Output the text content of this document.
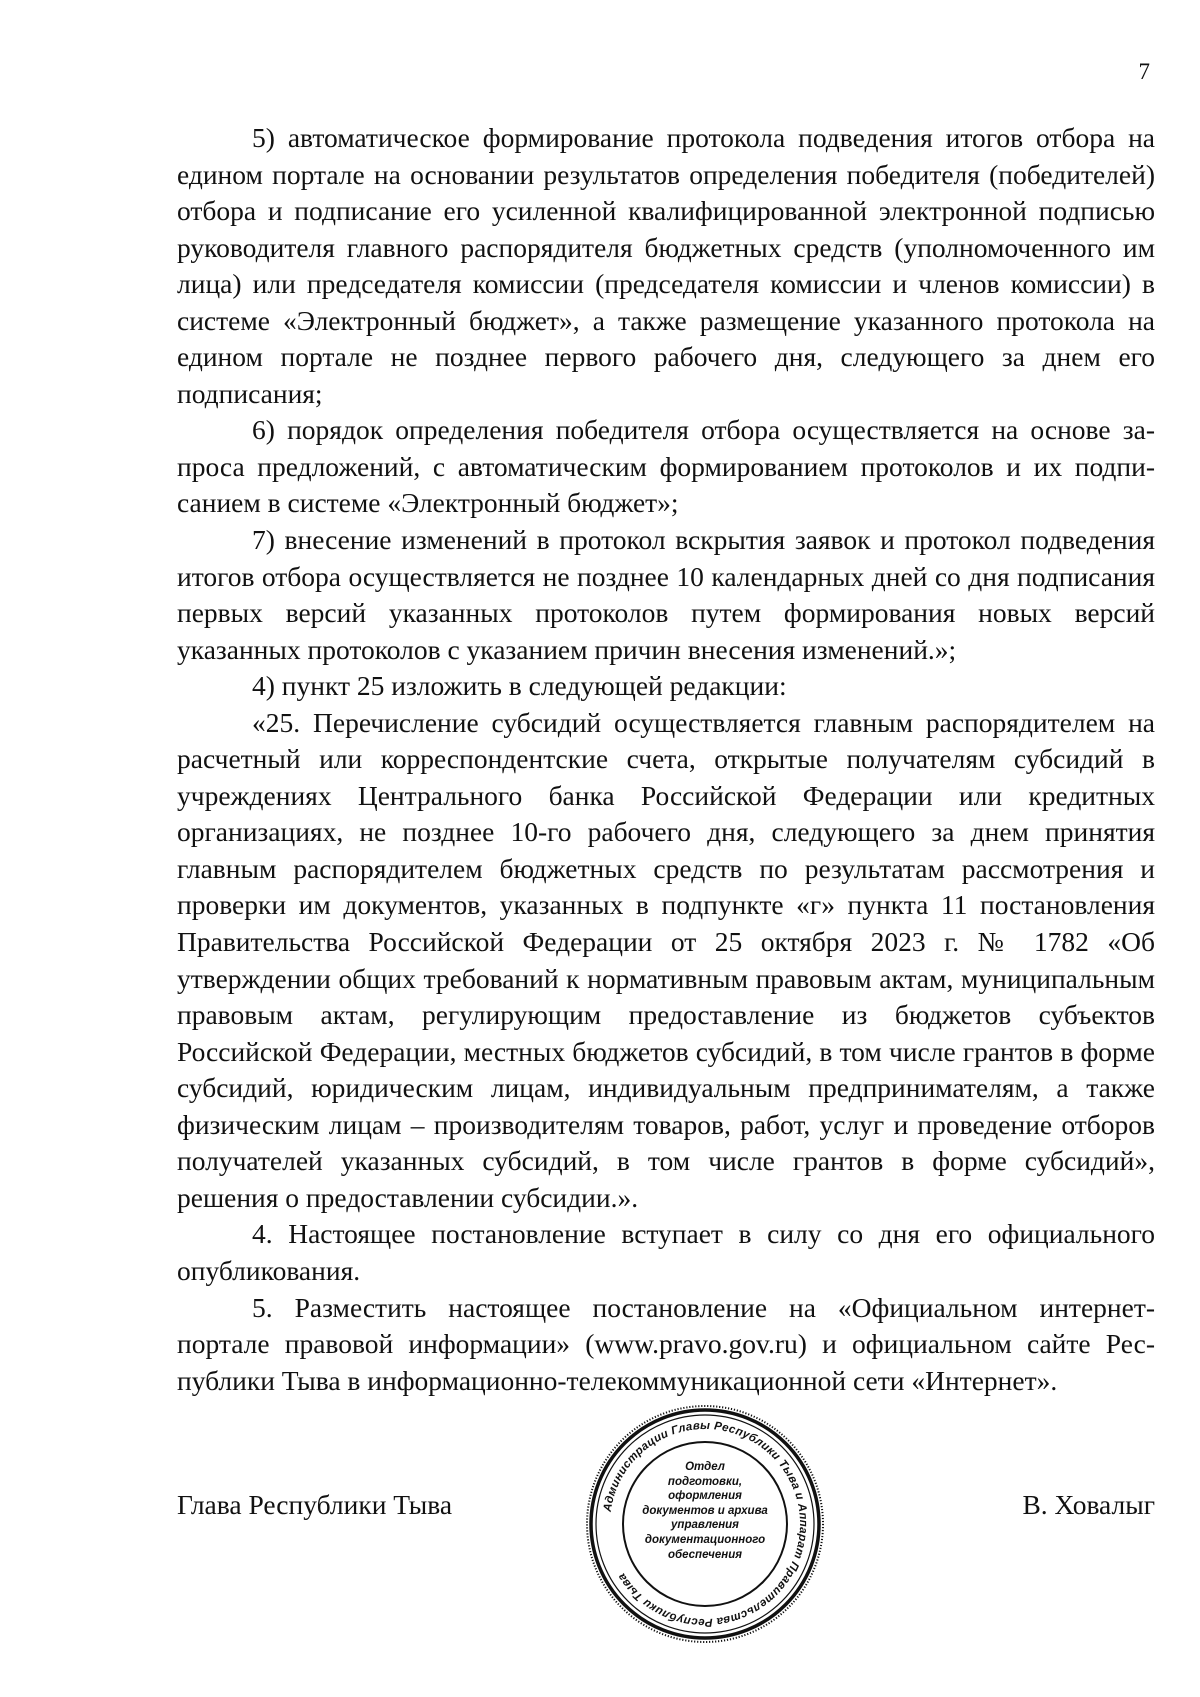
7

5) автоматическое формирование протокола подведения итогов отбора на едином портале на основании результатов определения победителя (победителей) отбора и подписание его усиленной квалифицированной электронной подписью руководителя главного распорядителя бюджетных средств (уполномоченного им лица) или председателя комиссии (председателя комиссии и членов комиссии) в системе «Электронный бюджет», а также размещение указанного протокола на едином портале не позднее первого рабочего дня, следующего за днем его подписания;

6) порядок определения победителя отбора осуществляется на основе запроса предложений, с автоматическим формированием протоколов и их подписанием в системе «Электронный бюджет»;

7) внесение изменений в протокол вскрытия заявок и протокол подведения итогов отбора осуществляется не позднее 10 календарных дней со дня подписания первых версий указанных протоколов путем формирования новых версий указанных протоколов с указанием причин внесения изменений.»;

4) пункт 25 изложить в следующей редакции:

«25. Перечисление субсидий осуществляется главным распорядителем на расчетный или корреспондентские счета, открытые получателям субсидий в учреждениях Центрального банка Российской Федерации или кредитных организациях, не позднее 10-го рабочего дня, следующего за днем принятия главным распорядителем бюджетных средств по результатам рассмотрения и проверки им документов, указанных в подпункте «г» пункта 11 постановления Правительства Российской Федерации от 25 октября 2023 г. № 1782 «Об утверждении общих требований к нормативным правовым актам, муниципальным правовым актам, регулирующим предоставление из бюджетов субъектов Российской Федерации, местных бюджетов субсидий, в том числе грантов в форме субсидий, юридическим лицам, индивидуальным предпринимателям, а также физическим лицам – производителям товаров, работ, услуг и проведение отборов получателей указанных субсидий, в том числе грантов в форме субсидий», решения о предоставлении субсидии.».

4. Настоящее постановление вступает в силу со дня его официального опубликования.

5. Разместить настоящее постановление на «Официальном интернет-портале правовой информации» (www.pravo.gov.ru) и официальном сайте Республики Тыва в информационно-телекоммуникационной сети «Интернет».

Глава Республики Тыва	В. Ховалыг
Администрации Главы Республики Тыва и Аппарат Правительства Республики Тыва
Отдел
подготовки,
оформления
документов и архива
управления
документационного
обеспечения
